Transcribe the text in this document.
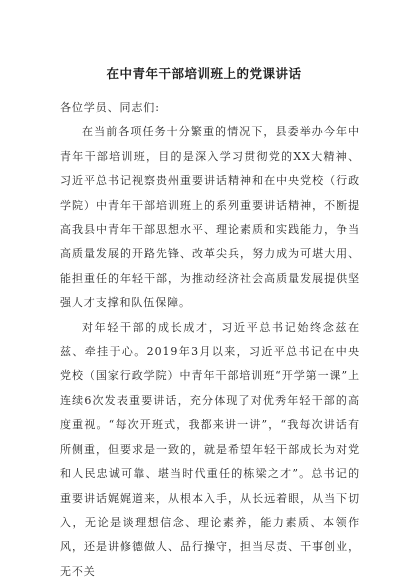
在中青年干部培训班上的党课讲话

各位学员、同志们:

在当前各项任务十分繁重的情况下，县委举办今年中青年干部培训班，目的是深入学习贯彻党的XX大精神、习近平总书记视察贵州重要讲话精神和在中央党校（行政学院）中青年干部培训班上的系列重要讲话精神，不断提高我县中青年干部思想水平、理论素质和实践能力，争当高质量发展的开路先锋、改革尖兵，努力成为可堪大用、能担重任的年轻干部，为推动经济社会高质量发展提供坚强人才支撑和队伍保障。

对年轻干部的成长成才，习近平总书记始终念兹在兹、牵挂于心。2019年3月以来，习近平总书记在中央党校（国家行政学院）中青年干部培训班“开学第一课”上连续6次发表重要讲话，充分体现了对优秀年轻干部的高度重视。“每次开班式，我都来讲一讲”，“我每次讲话有所侧重，但要求是一致的，就是希望年轻干部成长为对党和人民忠诚可靠、堪当时代重任的栋梁之才”。总书记的重要讲话娓娓道来，从根本入手，从长远着眼，从当下切入，无论是谈理想信念、理论素养，能力素质、本领作风，还是讲修德做人、品行操守，担当尽责、干事创业，无不关
